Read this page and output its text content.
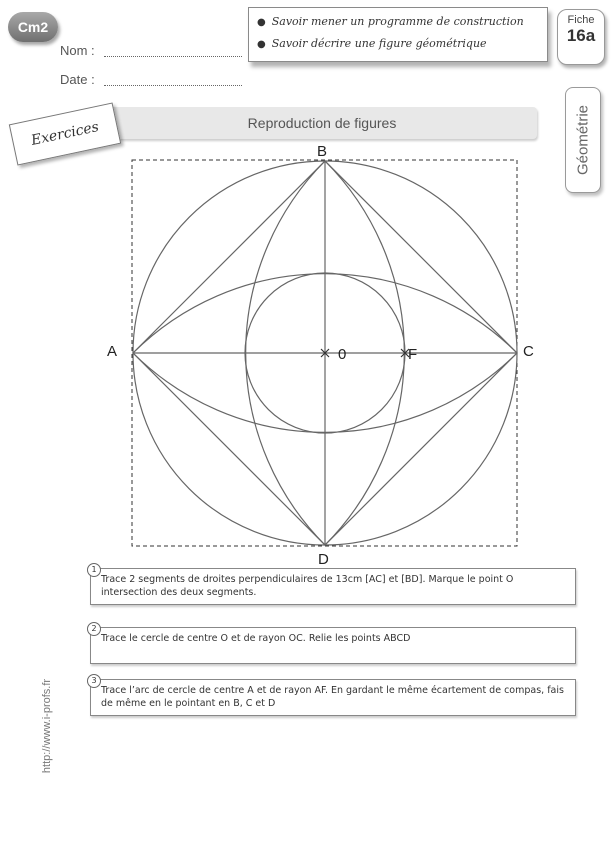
Cm2
Nom :
Date :
● Savoir mener un programme de construction
● Savoir décrire une figure géométrique
Fiche
16a
Géométrie
Reproduction de figures
Exercices
A
B
C
D
0	F
1
Trace 2 segments de droites perpendiculaires de 13cm [AC] et [BD]. Marque le point O intersection des deux segments.
2
Trace le cercle de centre O et de rayon OC. Relie les points ABCD
3
Trace l’arc de cercle de centre A et de rayon AF. En gardant le même écartement de compas, fais de même en le pointant en B, C et D
http://www.i-profs.fr
